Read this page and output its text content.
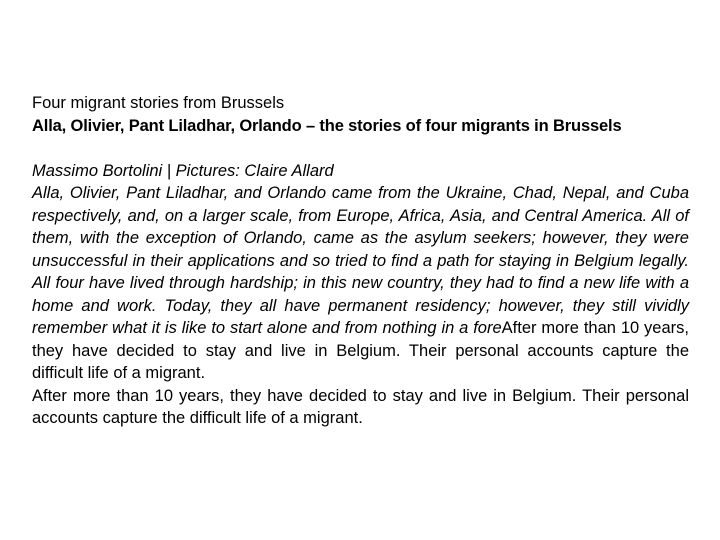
Four migrant stories from Brussels

Alla, Olivier, Pant Liladhar, Orlando – the stories of four migrants in Brussels

Massimo Bortolini | Pictures: Claire Allard

Alla, Olivier, Pant Liladhar, and Orlando came from the Ukraine, Chad, Nepal, and Cuba respectively, and, on a larger scale, from Europe, Africa, Asia, and Central America. All of them, with the exception of Orlando, came as the asylum seekers; however, they were unsuccessful in their applications and so tried to find a path for staying in Belgium legally. All four have lived through hardship; in this new country, they had to find a new life with a home and work. Today, they all have permanent residency; however, they still vividly remember what it is like to start alone and from nothing in a foreAfter more than 10 years, they have decided to stay and live in Belgium. Their personal accounts capture the difficult life of a migrant.

After more than 10 years, they have decided to stay and live in Belgium. Their personal accounts capture the difficult life of a migrant.
